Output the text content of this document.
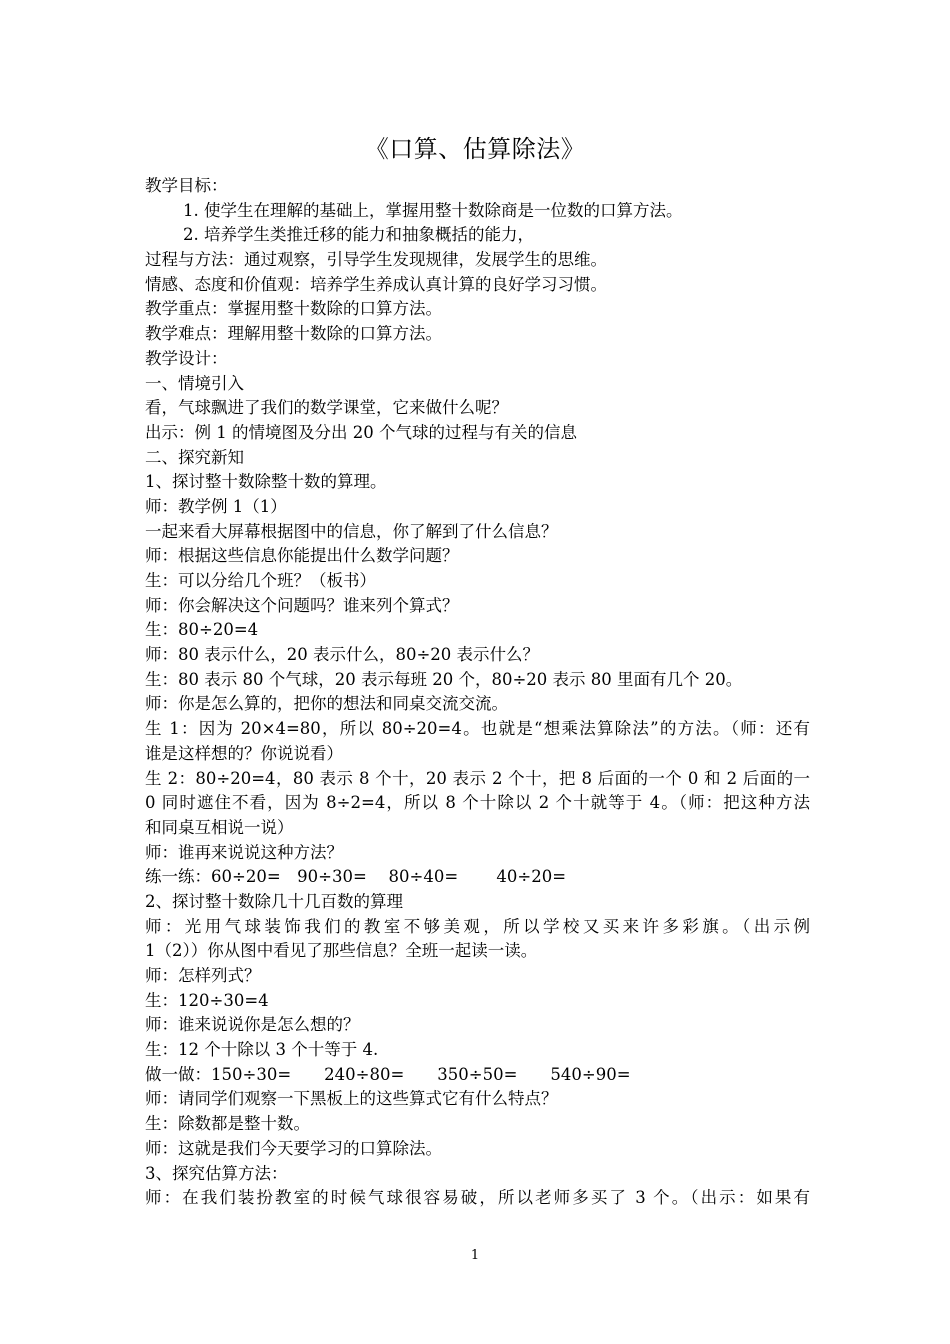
《口算、估算除法》
教学目标：
1. 使学生在理解的基础上，掌握用整十数除商是一位数的口算方法。
2. 培养学生类推迁移的能力和抽象概括的能力，
过程与方法：通过观察，引导学生发现规律，发展学生的思维。
情感、态度和价值观：培养学生养成认真计算的良好学习习惯。
教学重点：掌握用整十数除的口算方法。
教学难点：理解用整十数除的口算方法。
教学设计：
一、情境引入
看，气球飘进了我们的数学课堂，它来做什么呢？
出示：例 1 的情境图及分出 20 个气球的过程与有关的信息
二、探究新知
1、探讨整十数除整十数的算理。
师：教学例 1（1）
一起来看大屏幕根据图中的信息，你了解到了什么信息？
师：根据这些信息你能提出什么数学问题？
生：可以分给几个班？（板书）
师：你会解决这个问题吗？谁来列个算式？
生：80÷20=4
师：80 表示什么，20 表示什么，80÷20 表示什么？
生：80 表示 80 个气球，20 表示每班 20 个，80÷20 表示 80 里面有几个 20。
师：你是怎么算的，把你的想法和同桌交流交流。
生 1：因为 20×4=80，所以 80÷20=4。也就是“想乘法算除法”的方法。（师：还有
谁是这样想的？你说说看）
生 2：80÷20=4，80 表示 8 个十，20 表示 2 个十，把 8 后面的一个 0 和 2 后面的一
0 同时遮住不看，因为 8÷2=4，所以 8 个十除以 2 个十就等于 4。（师：把这种方法
和同桌互相说一说）
师：谁再来说说这种方法？
练一练：60÷20=　90÷30=　 80÷40=　　 40÷20=
2、探讨整十数除几十几百数的算理
师：光用气球装饰我们的教室不够美观，所以学校又买来许多彩旗。（出示例
1（2））你从图中看见了那些信息？全班一起读一读。
师：怎样列式？
生：120÷30=4
师：谁来说说你是怎么想的？
生：12 个十除以 3 个十等于 4.
做一做：150÷30=　　240÷80=　　350÷50=　　540÷90=
师：请同学们观察一下黑板上的这些算式它有什么特点？
生：除数都是整十数。
师：这就是我们今天要学习的口算除法。
3、探究估算方法：
师：在我们装扮教室的时候气球很容易破，所以老师多买了 3 个。（出示：如果有
1
